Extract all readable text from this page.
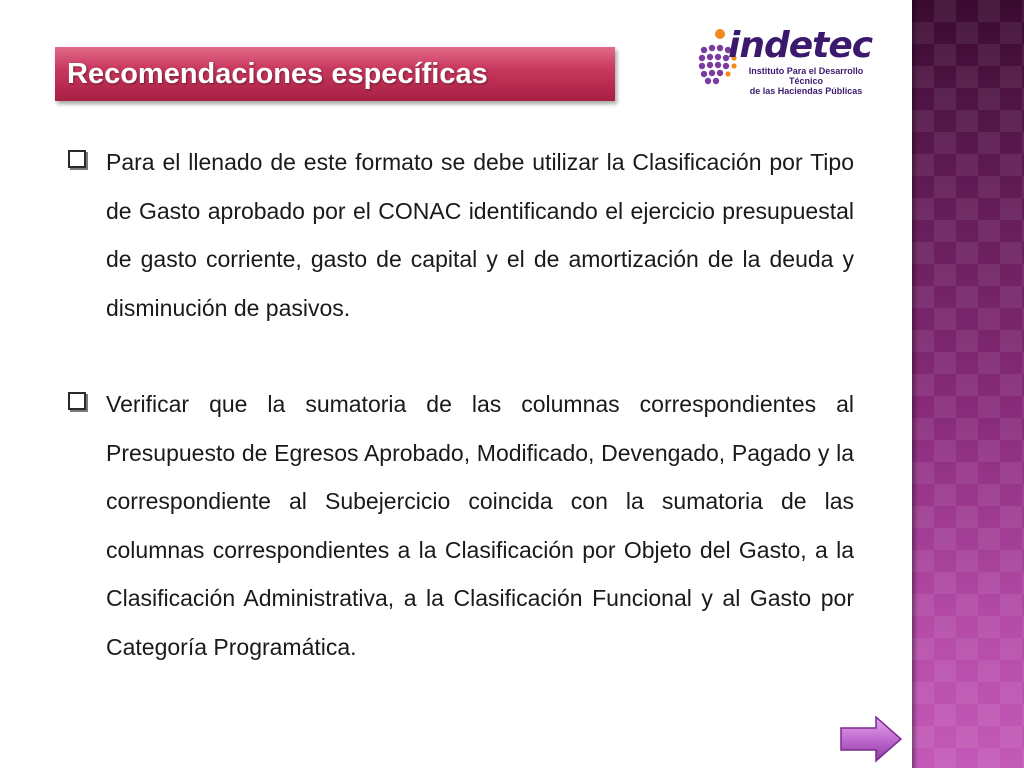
Recomendaciones específicas
indetec
Instituto Para el Desarrollo Técnico
de las Haciendas Públicas

Para el llenado de este formato se debe utilizar la Clasificación por Tipo de Gasto aprobado por el CONAC identificando el ejercicio presupuestal de gasto corriente, gasto de capital y el de amortización de la deuda y disminución de pasivos.

Verificar que la sumatoria de las columnas correspondientes al Presupuesto de Egresos Aprobado, Modificado, Devengado, Pagado y la correspondiente al Subejercicio coincida con la sumatoria de las columnas correspondientes a la Clasificación por Objeto del Gasto, a la Clasificación Administrativa, a la Clasificación Funcional y al Gasto por Categoría Programática.
